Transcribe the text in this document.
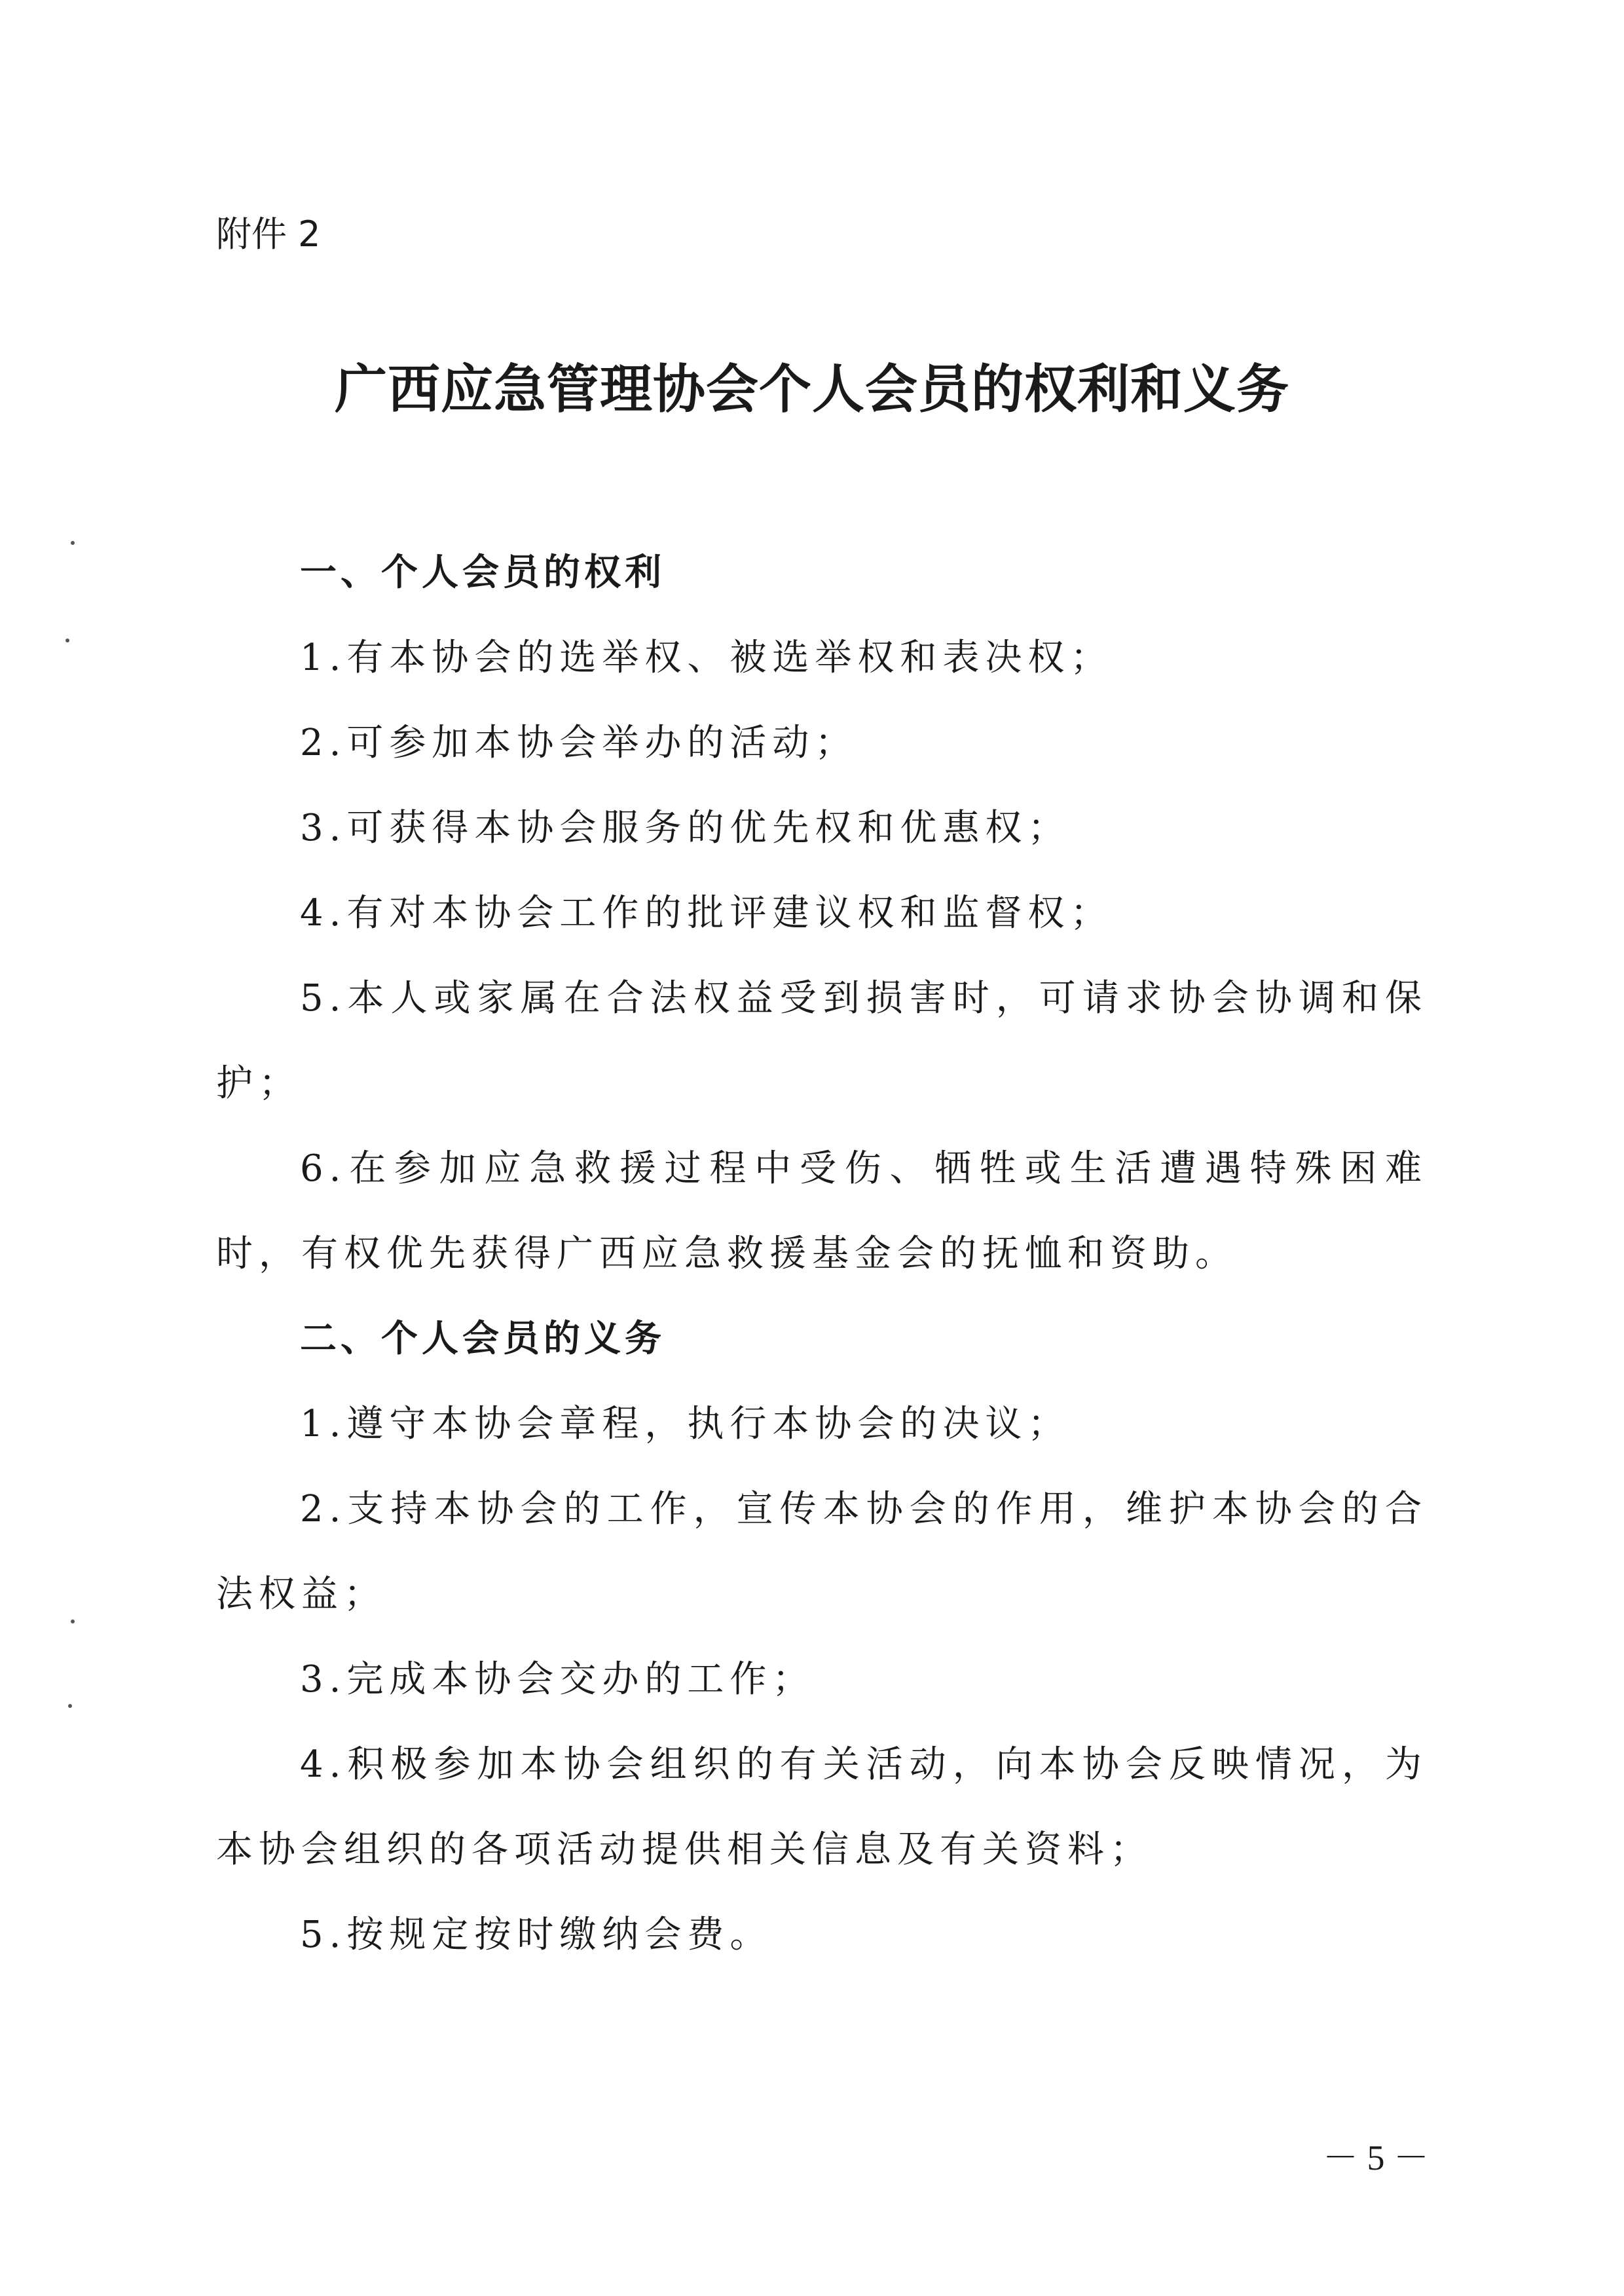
附件 2
广西应急管理协会个人会员的权利和义务

一、个人会员的权利

1.有本协会的选举权、被选举权和表决权；

2.可参加本协会举办的活动；

3.可获得本协会服务的优先权和优惠权；

4.有对本协会工作的批评建议权和监督权；

5.本人或家属在合法权益受到损害时，可请求协会协调和保护；

6.在参加应急救援过程中受伤、牺牲或生活遭遇特殊困难时，有权优先获得广西应急救援基金会的抚恤和资助。

二、个人会员的义务

1.遵守本协会章程，执行本协会的决议；

2.支持本协会的工作，宣传本协会的作用，维护本协会的合法权益；

3.完成本协会交办的工作；

4.积极参加本协会组织的有关活动，向本协会反映情况，为本协会组织的各项活动提供相关信息及有关资料；

5.按规定按时缴纳会费。

－ 5 －
